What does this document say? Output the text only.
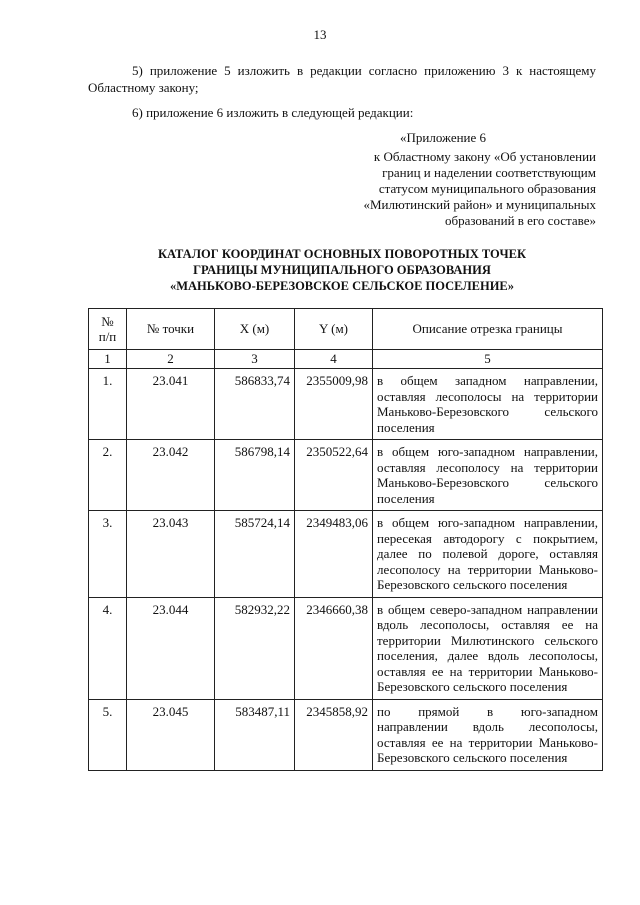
13
5) приложение 5 изложить в редакции согласно приложению 3 к настоящему Областному закону;
6) приложение 6 изложить в следующей редакции:
«Приложение 6
к Областному закону «Об установлении
границ и наделении соответствующим
статусом муниципального образования
«Милютинский район» и муниципальных
образований в его составе»
КАТАЛОГ КООРДИНАТ ОСНОВНЫХ ПОВОРОТНЫХ ТОЧЕК
ГРАНИЦЫ МУНИЦИПАЛЬНОГО ОБРАЗОВАНИЯ
«МАНЬКОВО-БЕРЕЗОВСКОЕ СЕЛЬСКОЕ ПОСЕЛЕНИЕ»
№
п/п	№ точки	X (м)	Y (м)	Описание отрезка границы
1	2	3	4	5
1.	23.041	586833,74	2355009,98	в общем западном направлении, оставляя лесополосы на территории Маньково-Березовского сельского поселения
2.	23.042	586798,14	2350522,64	в общем юго-западном направлении, оставляя лесополосу на территории Маньково-Березовского сельского поселения
3.	23.043	585724,14	2349483,06	в общем юго-западном направлении, пересекая автодорогу с покрытием, далее по полевой дороге, оставляя лесополосу на территории Маньково-Березовского сельского поселения
4.	23.044	582932,22	2346660,38	в общем северо-западном направлении вдоль лесополосы, оставляя ее на территории Милютинского сельского поселения, далее вдоль лесополосы, оставляя ее на территории Маньково-Березовского сельского поселения
5.	23.045	583487,11	2345858,92	по прямой в юго-западном направлении вдоль лесополосы, оставляя ее на территории Маньково-Березовского сельского поселения
